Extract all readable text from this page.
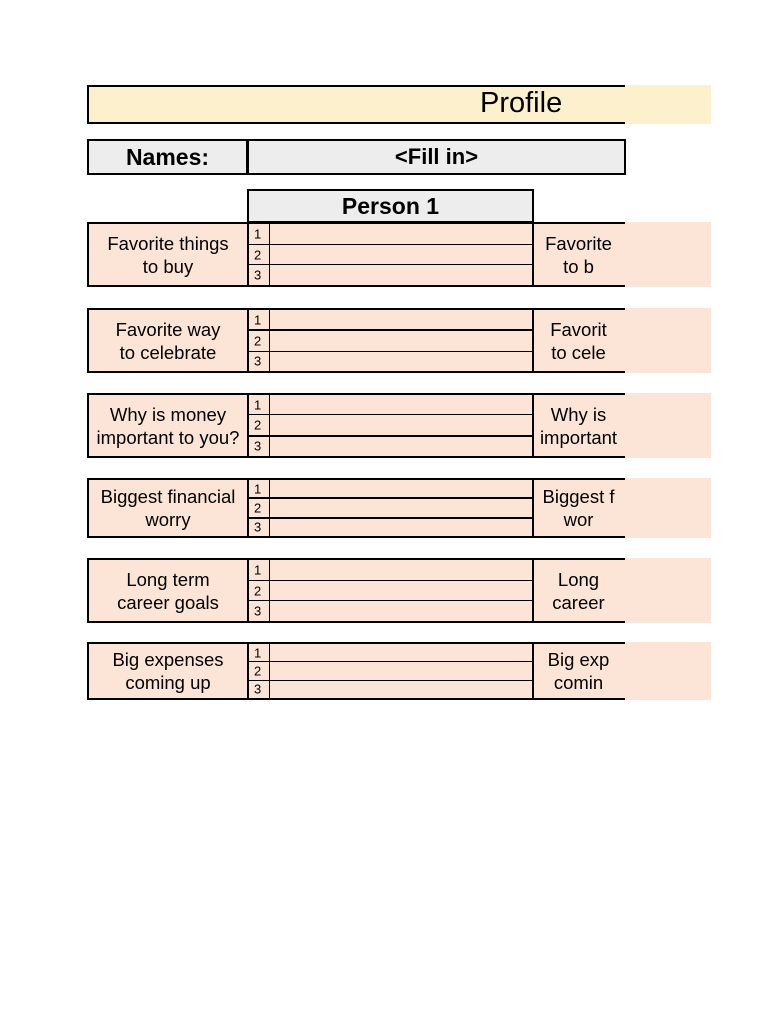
Profile
Names:	<Fill in>
Person 1
Favorite things
to buy
Favorite
to b
1
2
3
Favorite way
to celebrate
Favorit
to cele
1
2
3
Why is money
important to you?
Why is
important
1
2
3
Biggest financial
worry
Biggest f
wor
1
2
3
Long term
career goals
Long
career
1
2
3
Big expenses
coming up
Big exp
comin
1
2
3
